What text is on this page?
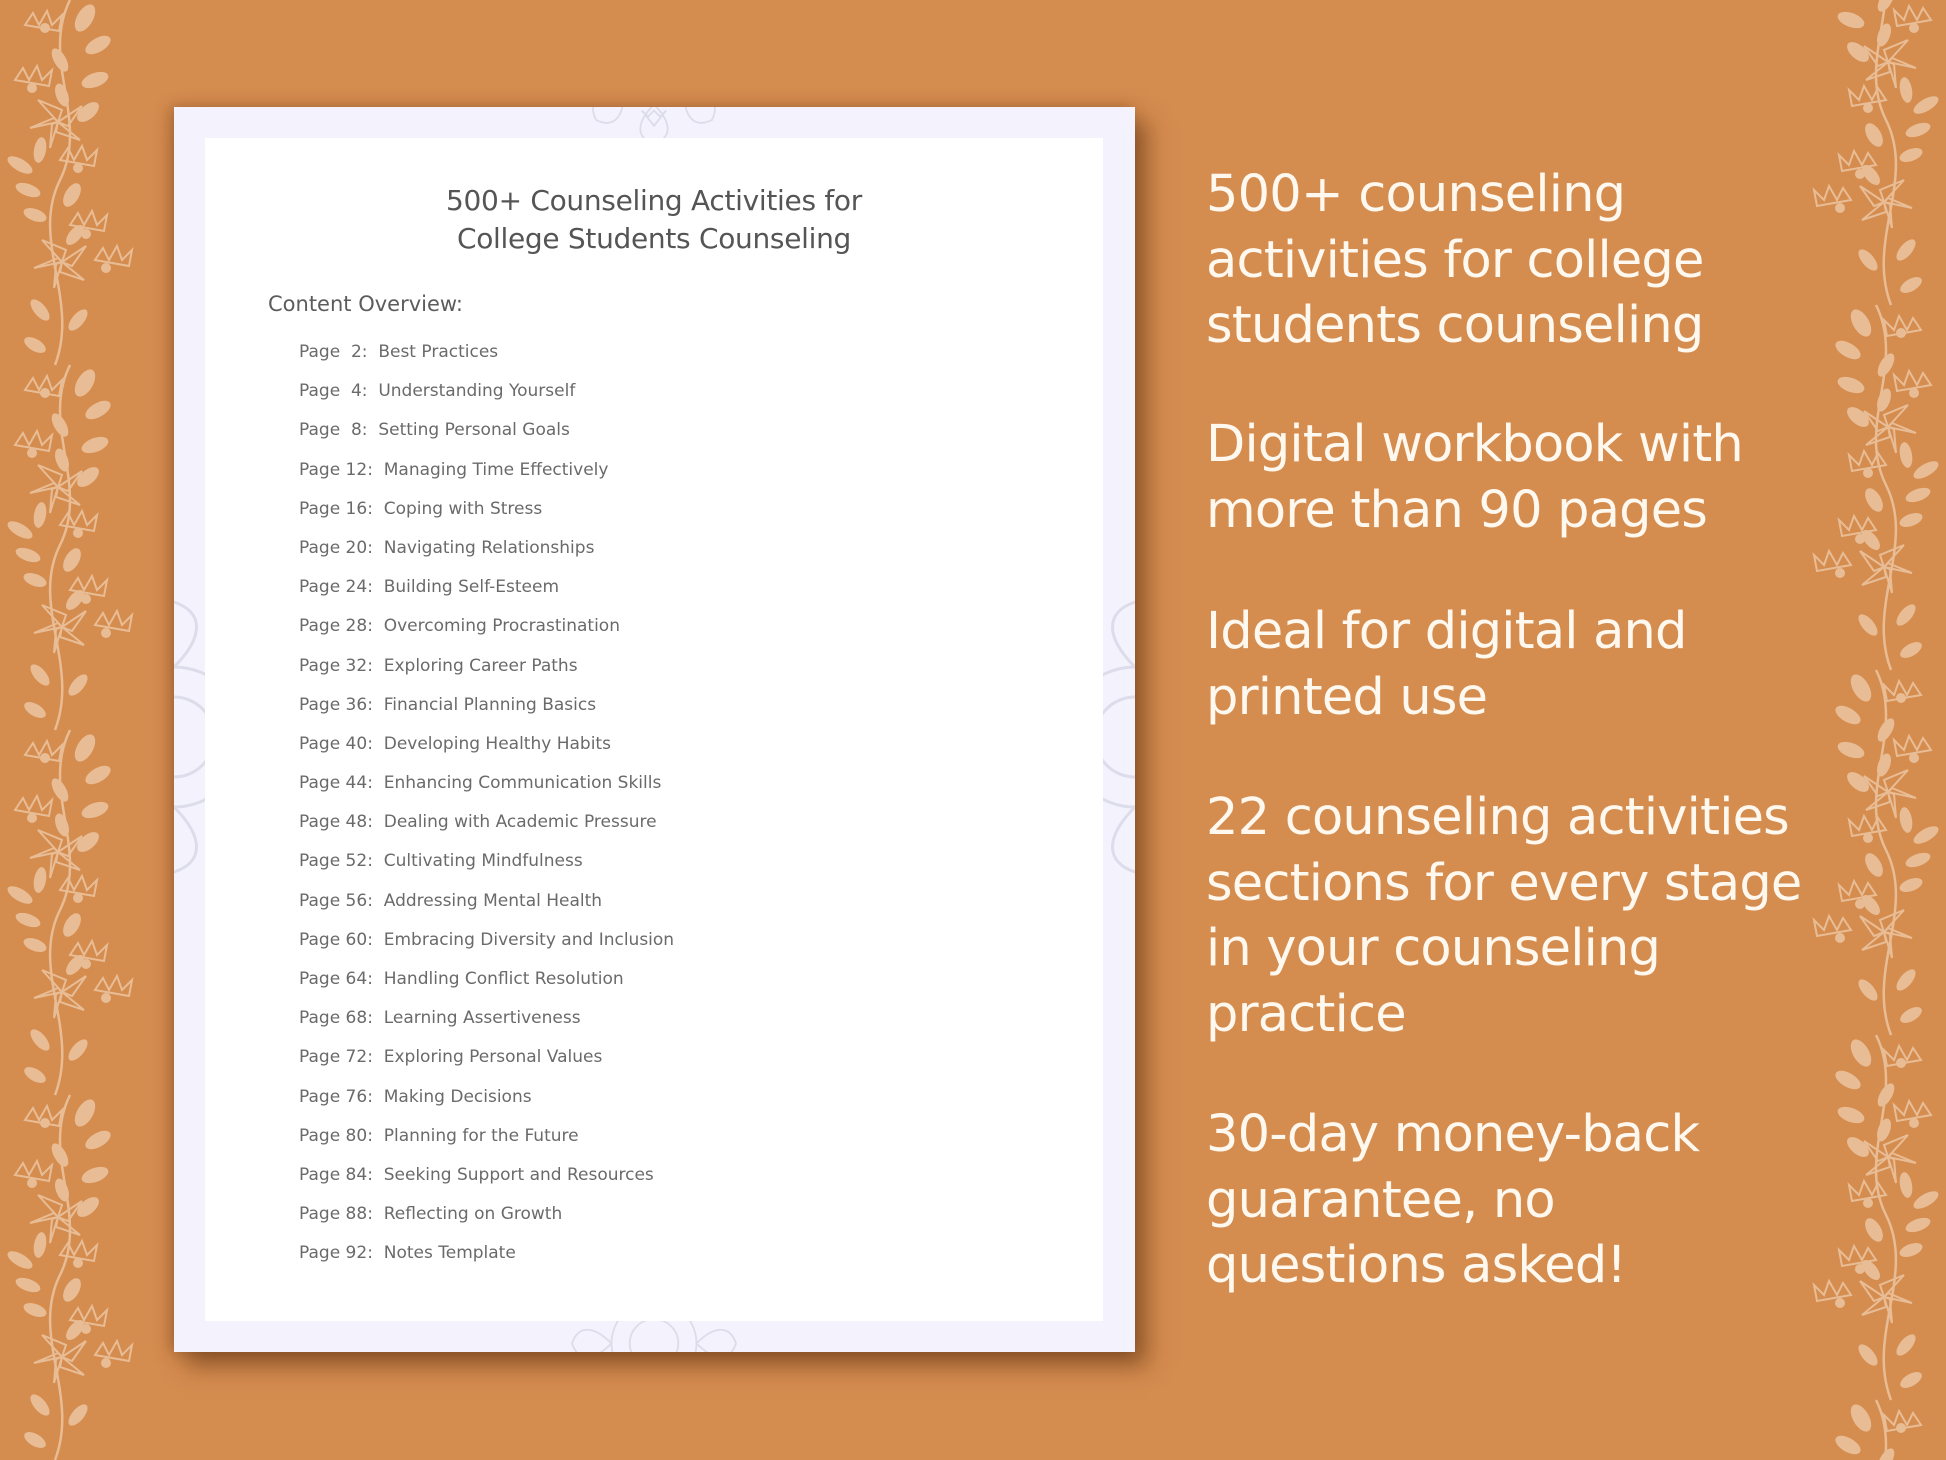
500+ Counseling Activities for
College Students Counseling
Content Overview:
Page  2: Best Practices
Page  4: Understanding Yourself
Page  8: Setting Personal Goals
Page 12: Managing Time Effectively
Page 16: Coping with Stress
Page 20: Navigating Relationships
Page 24: Building Self-Esteem
Page 28: Overcoming Procrastination
Page 32: Exploring Career Paths
Page 36: Financial Planning Basics
Page 40: Developing Healthy Habits
Page 44: Enhancing Communication Skills
Page 48: Dealing with Academic Pressure
Page 52: Cultivating Mindfulness
Page 56: Addressing Mental Health
Page 60: Embracing Diversity and Inclusion
Page 64: Handling Conflict Resolution
Page 68: Learning Assertiveness
Page 72: Exploring Personal Values
Page 76: Making Decisions
Page 80: Planning for the Future
Page 84: Seeking Support and Resources
Page 88: Reflecting on Growth
Page 92: Notes Template
500+ counseling
activities for college
students counseling
Digital workbook with
more than 90 pages
Ideal for digital and
printed use
22 counseling activities
sections for every stage
in your counseling
practice
30-day money-back
guarantee, no
questions asked!
